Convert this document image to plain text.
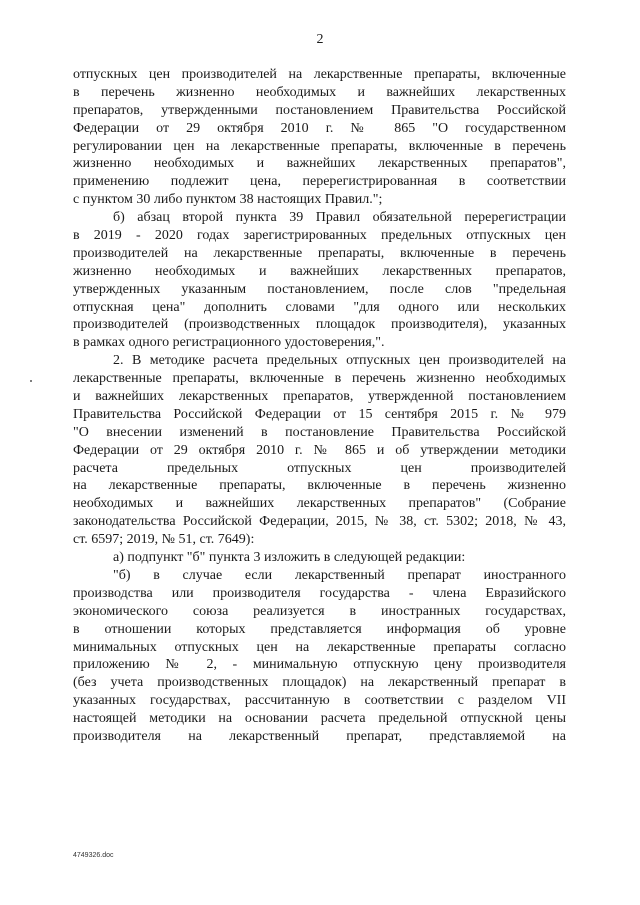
2
отпускных цен производителей на лекарственные препараты, включенные
в перечень жизненно необходимых и важнейших лекарственных
препаратов, утвержденными постановлением Правительства Российской
Федерации от 29 октября 2010 г. № 865 "О государственном
регулировании цен на лекарственные препараты, включенные в перечень
жизненно необходимых и важнейших лекарственных препаратов",
применению подлежит цена, перерегистрированная в соответствии
с пунктом 30 либо пунктом 38 настоящих Правил.";
б) абзац второй пункта 39 Правил обязательной перерегистрации
в 2019 - 2020 годах зарегистрированных предельных отпускных цен
производителей на лекарственные препараты, включенные в перечень
жизненно необходимых и важнейших лекарственных препаратов,
утвержденных указанным постановлением, после слов "предельная
отпускная цена" дополнить словами "для одного или нескольких
производителей (производственных площадок производителя), указанных
в рамках одного регистрационного удостоверения,".
2. В методике расчета предельных отпускных цен производителей на
лекарственные препараты, включенные в перечень жизненно необходимых
и важнейших лекарственных препаратов, утвержденной постановлением
Правительства Российской Федерации от 15 сентября 2015 г. № 979
"О внесении изменений в постановление Правительства Российской
Федерации от 29 октября 2010 г. № 865 и об утверждении методики
расчета предельных отпускных цен производителей
на лекарственные препараты, включенные в перечень жизненно
необходимых и важнейших лекарственных препаратов" (Собрание
законодательства Российской Федерации, 2015, № 38, ст. 5302; 2018, № 43,
ст. 6597; 2019, № 51, ст. 7649):
а) подпункт "б" пункта 3 изложить в следующей редакции:
"б) в случае если лекарственный препарат иностранного
производства или производителя государства - члена Евразийского
экономического союза реализуется в иностранных государствах,
в отношении которых представляется информация об уровне
минимальных отпускных цен на лекарственные препараты согласно
приложению № 2, - минимальную отпускную цену производителя
(без учета производственных площадок) на лекарственный препарат в
указанных государствах, рассчитанную в соответствии с разделом VII
настоящей методики на основании расчета предельной отпускной цены
производителя на лекарственный препарат, представляемой на
4749326.doc
